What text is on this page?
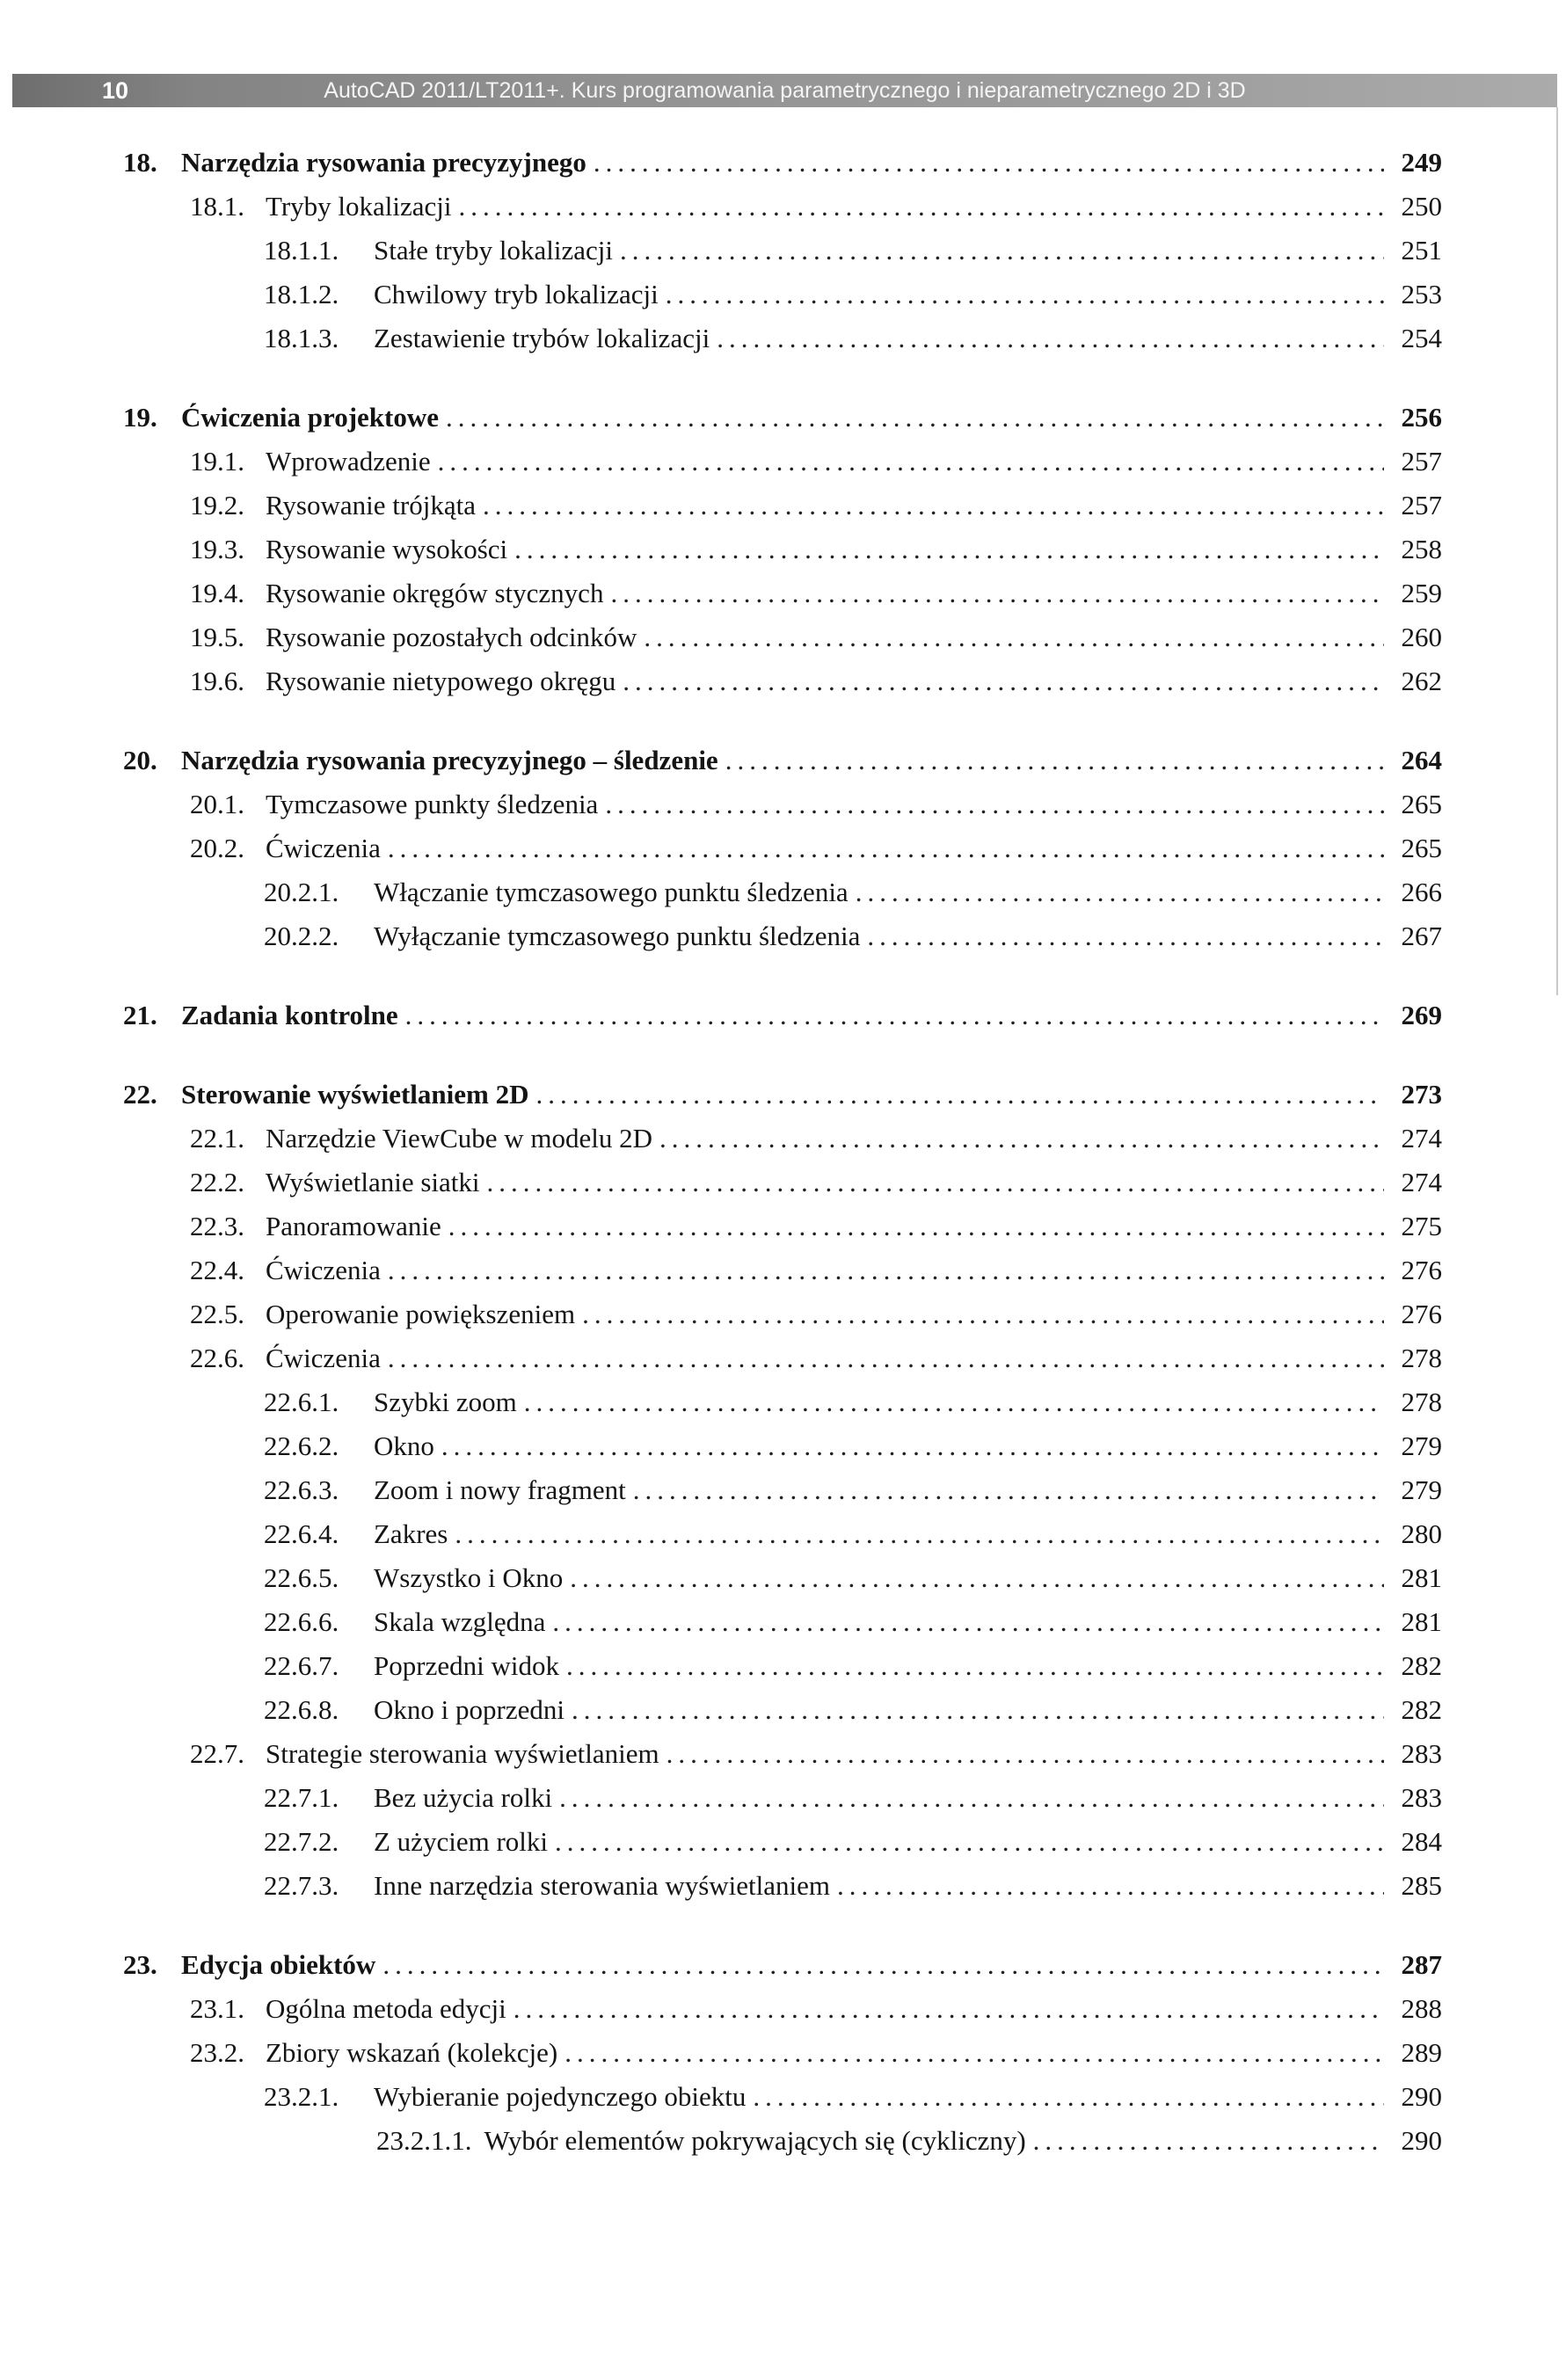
10	AutoCAD 2011/LT2011+. Kurs programowania parametrycznego i nieparametrycznego 2D i 3D
18. Narzędzia rysowania precyzyjnego .....	249
18.1. Tryby lokalizacji .....	250
18.1.1.	Stałe tryby lokalizacji .....	251
18.1.2.	Chwilowy tryb lokalizacji .....	253
18.1.3.	Zestawienie trybów lokalizacji .....	254
19. Ćwiczenia projektowe .....	256
19.1. Wprowadzenie .....	257
19.2. Rysowanie trójkąta .....	257
19.3. Rysowanie wysokości .....	258
19.4. Rysowanie okręgów stycznych .....	259
19.5. Rysowanie pozostałych odcinków .....	260
19.6. Rysowanie nietypowego okręgu .....	262
20. Narzędzia rysowania precyzyjnego – śledzenie .....	264
20.1. Tymczasowe punkty śledzenia .....	265
20.2. Ćwiczenia .....	265
20.2.1.	Włączanie tymczasowego punktu śledzenia .....	266
20.2.2.	Wyłączanie tymczasowego punktu śledzenia .....	267
21. Zadania kontrolne .....	269
22. Sterowanie wyświetlaniem 2D .....	273
22.1. Narzędzie ViewCube w modelu 2D .....	274
22.2. Wyświetlanie siatki .....	274
22.3. Panoramowanie .....	275
22.4. Ćwiczenia .....	276
22.5. Operowanie powiększeniem .....	276
22.6. Ćwiczenia .....	278
22.6.1.	Szybki zoom .....	278
22.6.2.	Okno .....	279
22.6.3.	Zoom i nowy fragment .....	279
22.6.4.	Zakres .....	280
22.6.5.	Wszystko i Okno .....	281
22.6.6.	Skala względna .....	281
22.6.7.	Poprzedni widok .....	282
22.6.8.	Okno i poprzedni .....	282
22.7. Strategie sterowania wyświetlaniem .....	283
22.7.1.	Bez użycia rolki .....	283
22.7.2.	Z użyciem rolki .....	284
22.7.3.	Inne narzędzia sterowania wyświetlaniem .....	285
23. Edycja obiektów .....	287
23.1. Ogólna metoda edycji .....	288
23.2. Zbiory wskazań (kolekcje) .....	289
23.2.1.	Wybieranie pojedynczego obiektu .....	290
23.2.1.1. Wybór elementów pokrywających się (cykliczny) .....	290
